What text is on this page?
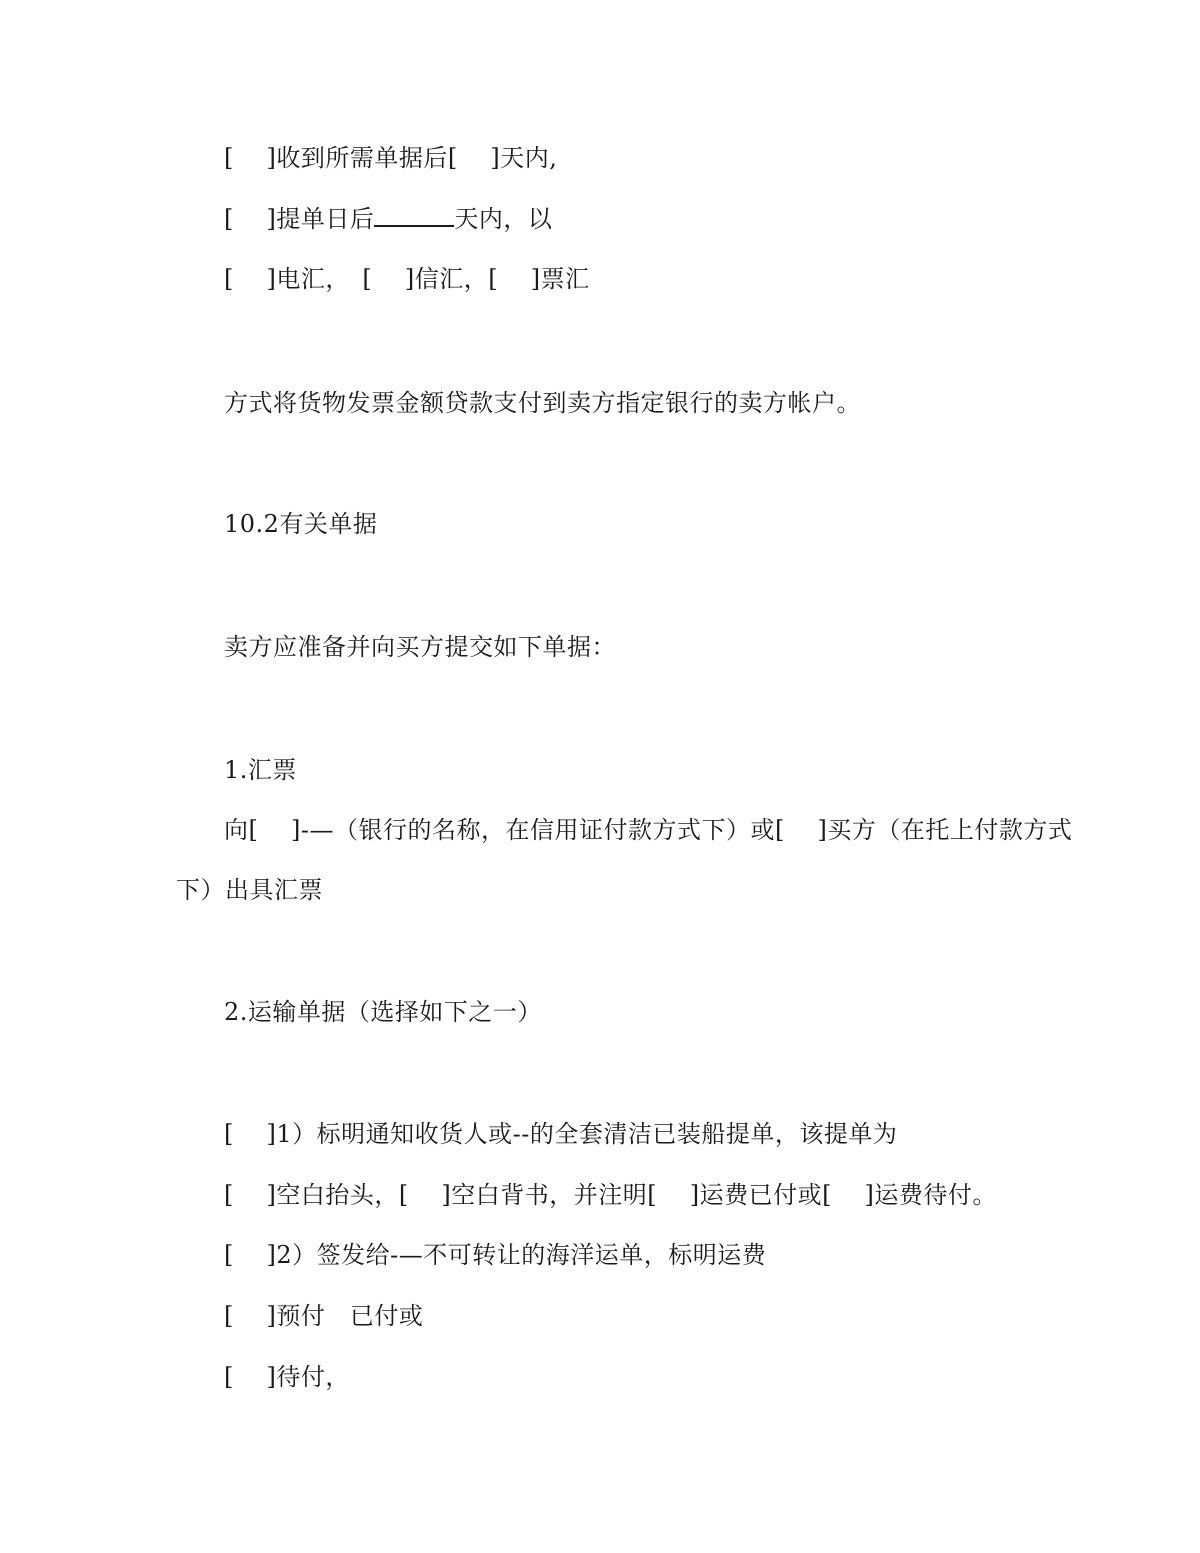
[　 ]收到所需单据后[　 ]天内,
[　 ]提单日后	天内，以
[　 ]电汇，　[　 ]信汇，[　 ]票汇
方式将货物发票金额贷款支付到卖方指定银行的卖方帐户。
10.2有关单据
卖方应准备并向买方提交如下单据：
1.汇票
向[　 ]-—（银行的名称，在信用证付款方式下）或[　 ]买方（在托上付款方式
下）出具汇票
2.运输单据（选择如下之一）
[　 ]1）标明通知收货人或--的全套清洁已装船提单，该提单为
[　 ]空白抬头，[　 ]空白背书，并注明[　 ]运费已付或[　 ]运费待付。
[　 ]2）签发给-—不可转让的海洋运单，标明运费
[　 ]预付　已付或
[　 ]待付，
